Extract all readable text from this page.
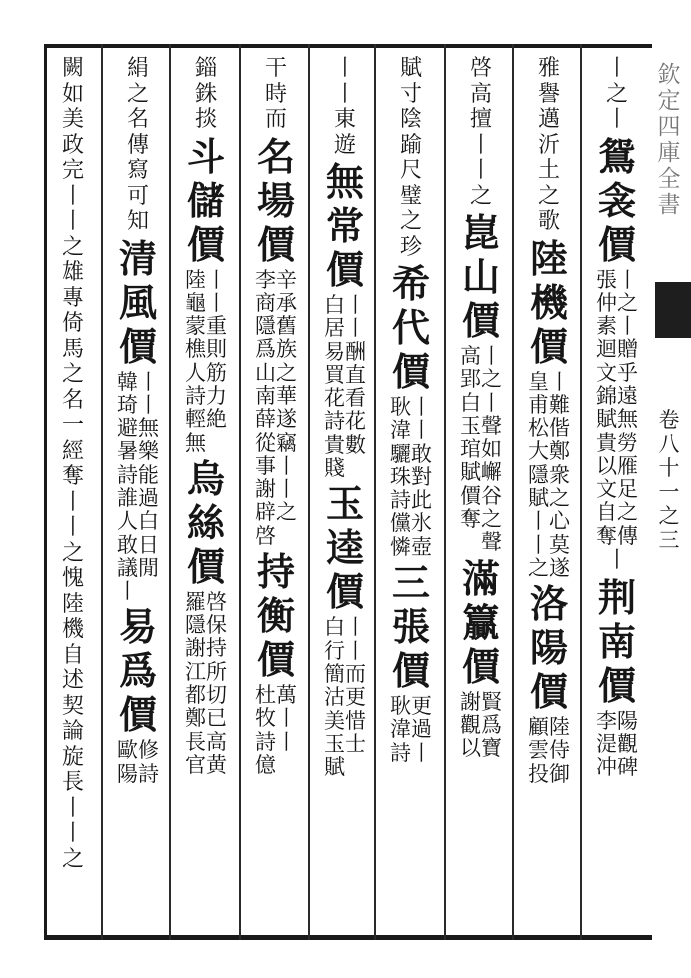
欽
定
四
庫
全
書
卷
八
十
一
之
三
丨
之
丨
鴛
衾
價
張
仲
素
迴
文
錦
賦
貴
以
文
自
奪
丨
之
丨
贈
乎
遠
無
勞
雁
足
之
傳
丨
荆
南
價
李
湜
冲
陽
觀
碑
雅
譽
邁
沂
土
之
歌
陸
機
價
皇
甫
松
大
隱
賦
丨
丨
之
丨
難
偕
鄭
衆
之
心
莫
遂
洛
陽
價
顧
雲
投
陸
侍
御
啓
高
擅
丨
丨
之
崑
山
價
高
郢
白
玉
琯
賦
價
奪
丨
之
丨
聲
如
嶰
谷
之
聲
滿
籯
價
謝
觀
以
賢
爲
寶
賦
寸
陰
踰
尺
璧
之
珍
希
代
價
耿
湋
驪
珠
詩
儻
憐
丨
丨
敢
對
此
氷
壺
三
張
價
耿
湋
詩
更
過
丨
丨
丨
東
遊
無
常
價
白
居
易
買
花
詩
貴
賤
丨
丨
酬
直
看
花
數
玉
逵
價
白
行
簡
沽
美
玉
賦
丨
丨
而
更
惜
士
干
時
而
名
場
價
李
商
隱
爲
山
南
薛
從
事
謝
辟
啓
辛
承
舊
族
之
華
遂
竊
丨
丨
之
持
衡
價
杜
牧
詩
億
萬
丨
丨
錙
銖
掞
斗
儲
價
陸
龜
蒙
樵
人
詩
輕
無
丨
丨
重
則
筋
力
絶
烏
絲
價
羅
隱
謝
江
都
鄭
長
官
啓
保
持
所
切
已
高
黄
絹
之
名
傳
寫
可
知
清
風
價
韓
琦
避
暑
詩
誰
人
敢
議
丨
丨
丨
無
樂
能
過
白
日
閒
易
爲
價
歐
陽
修
詩
闕
如
美
政
完
丨
丨
之
雄
專
倚
馬
之
名
一
經
奪
丨
丨
之
愧
陸
機
自
述
契
論
旋
長
丨
丨
之
